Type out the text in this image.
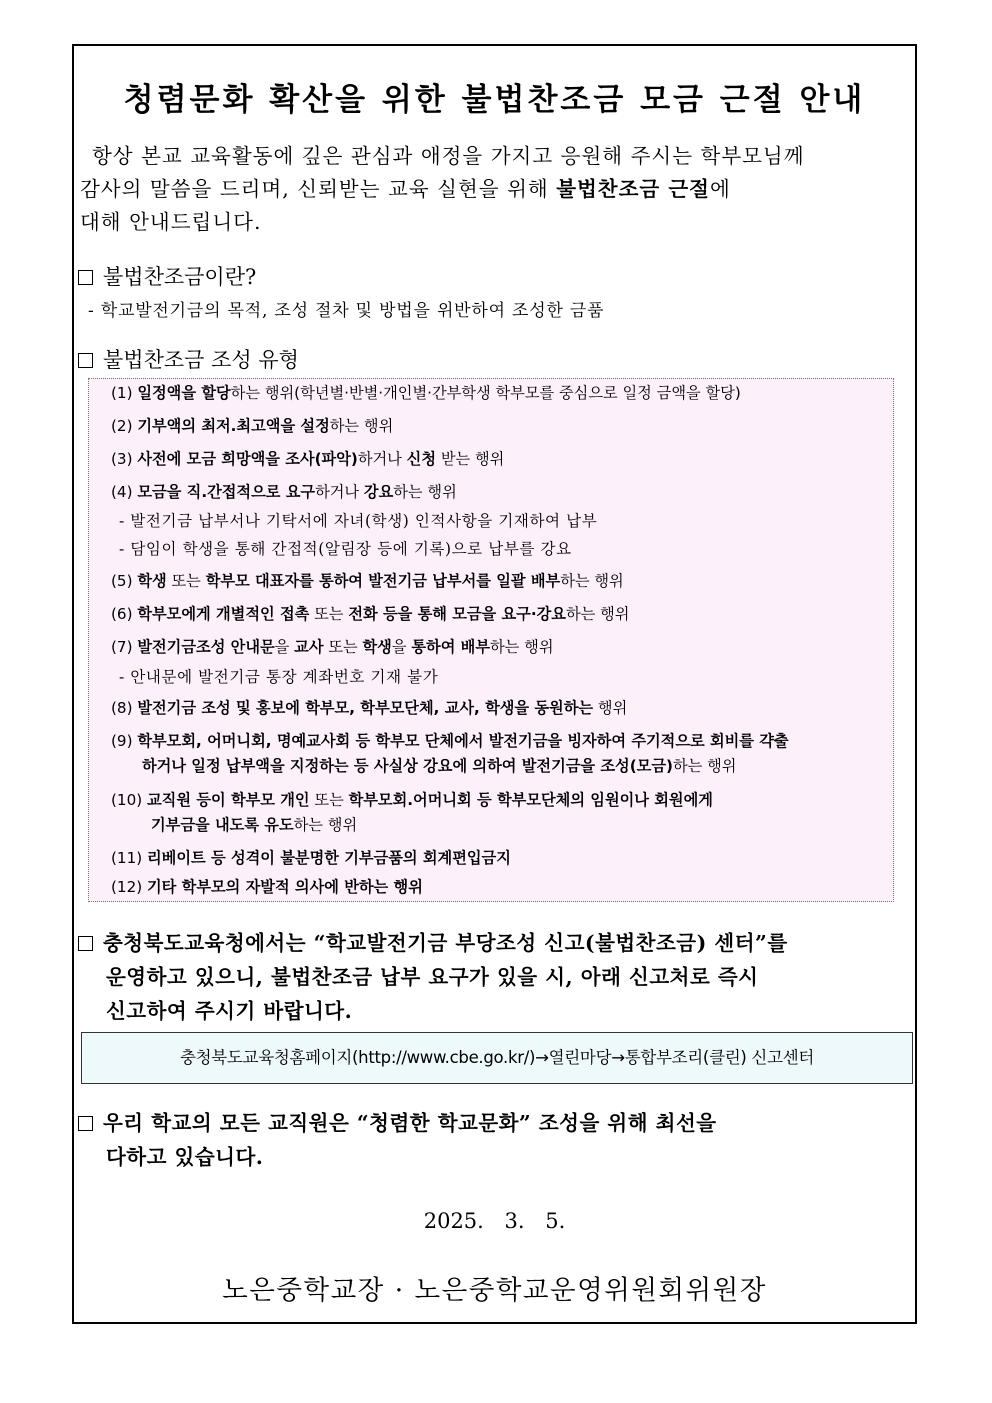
청렴문화 확산을 위한 불법찬조금 모금 근절 안내
항상 본교 교육활동에 깊은 관심과 애정을 가지고 응원해 주시는 학부모님께
감사의 말씀을 드리며, 신뢰받는 교육 실현을 위해 불법찬조금 근절에
대해 안내드립니다.
불법찬조금이란?
- 학교발전기금의 목적, 조성 절차 및 방법을 위반하여 조성한 금품
불법찬조금 조성 유형
(1) 일정액을 할당하는 행위(학년별·반별·개인별·간부학생 학부모를 중심으로 일정 금액을 할당)
(2) 기부액의 최저.최고액을 설정하는 행위
(3) 사전에 모금 희망액을 조사(파악)하거나 신청 받는 행위
(4) 모금을 직.간접적으로 요구하거나 강요하는 행위
- 발전기금 납부서나 기탁서에 자녀(학생) 인적사항을 기재하여 납부
- 담임이 학생을 통해 간접적(알림장 등에 기록)으로 납부를 강요
(5) 학생 또는 학부모 대표자를 통하여 발전기금 납부서를 일괄 배부하는 행위
(6) 학부모에게 개별적인 접촉 또는 전화 등을 통해 모금을 요구·강요하는 행위
(7) 발전기금조성 안내문을 교사 또는 학생을 통하여 배부하는 행위
- 안내문에 발전기금 통장 계좌번호 기재 불가
(8) 발전기금 조성 및 홍보에 학부모, 학부모단체, 교사, 학생을 동원하는 행위
(9) 학부모회, 어머니회, 명예교사회 등 학부모 단체에서 발전기금을 빙자하여 주기적으로 회비를 갹출
하거나 일정 납부액을 지정하는 등 사실상 강요에 의하여 발전기금을 조성(모금)하는 행위
(10) 교직원 등이 학부모 개인 또는 학부모회.어머니회 등 학부모단체의 임원이나 회원에게
기부금을 내도록 유도하는 행위
(11) 리베이트 등 성격이 불분명한 기부금품의 회계편입금지
(12) 기타 학부모의 자발적 의사에 반하는 행위
충청북도교육청에서는 “학교발전기금 부당조성 신고(불법찬조금) 센터”를
운영하고 있으니, 불법찬조금 납부 요구가 있을 시, 아래 신고처로 즉시
신고하여 주시기 바랍니다.
충청북도교육청홈페이지(http://www.cbe.go.kr/)→열린마당→통합부조리(클린) 신고센터
우리 학교의 모든 교직원은 “청렴한 학교문화” 조성을 위해 최선을
다하고 있습니다.
2025. 3. 5.
노은중학교장 · 노은중학교운영위원회위원장
